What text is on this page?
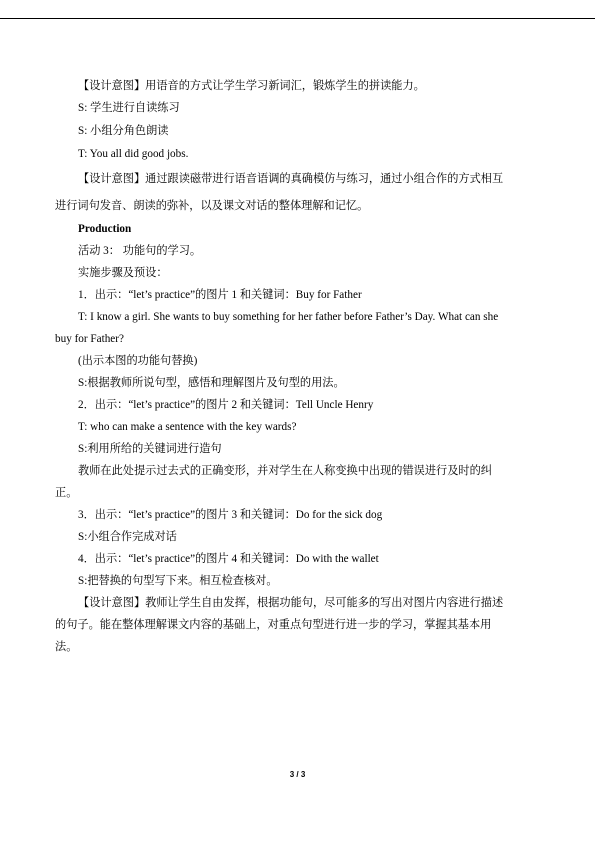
【设计意图】用语音的方式让学生学习新词汇，锻炼学生的拼读能力。
S: 学生进行自读练习
S: 小组分角色朗读
T: You all did good jobs.
【设计意图】通过跟读磁带进行语音语调的真确模仿与练习，通过小组合作的方式相互
进行词句发音、朗读的弥补，以及课文对话的整体理解和记忆。
Production
活动 3： 功能句的学习。
实施步骤及预设：
1．出示：“let’s practice”的图片 1 和关键词：Buy for Father
T: I know a girl. She wants to buy something for her father before Father’s Day. What can she
buy for Father?
(出示本图的功能句替换)
S:根据教师所说句型，感悟和理解图片及句型的用法。
2．出示：“let’s practice”的图片 2 和关键词：Tell Uncle Henry
T: who can make a sentence with the key wards?
S:利用所给的关键词进行造句
教师在此处提示过去式的正确变形，并对学生在人称变换中出现的错误进行及时的纠
正。
3．出示：“let’s practice”的图片 3 和关键词：Do for the sick dog
S:小组合作完成对话
4．出示：“let’s practice”的图片 4 和关键词：Do with the wallet
S:把替换的句型写下来。相互检查核对。
【设计意图】教师让学生自由发挥，根据功能句，尽可能多的写出对图片内容进行描述
的句子。能在整体理解课文内容的基础上，对重点句型进行进一步的学习，掌握其基本用
法。
3 / 3
